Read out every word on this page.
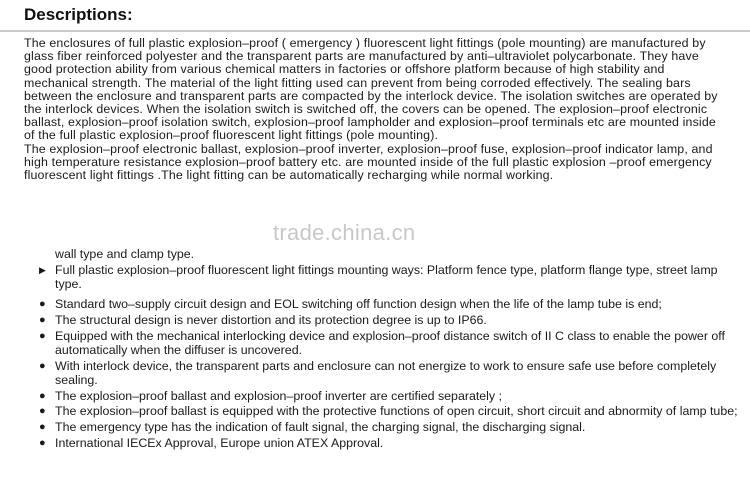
Descriptions:

The enclosures of full plastic explosion–proof ( emergency ) fluorescent light fittings (pole mounting) are manufactured by glass fiber reinforced polyester and the transparent parts are manufactured by anti–ultraviolet polycarbonate. They have good protection ability from various chemical matters in factories or offshore platform because of high stability and mechanical strength. The material of the light fitting used can prevent from being corroded effectively. The sealing bars between the enclosure and transparent parts are compacted by the interlock device. The isolation switches are operated by the interlock devices. When the isolation switch is switched off, the covers can be opened. The explosion–proof electronic ballast, explosion–proof isolation switch, explosion–proof lampholder and explosion–proof terminals etc are mounted inside of the full plastic explosion–proof fluorescent light fittings (pole mounting).

The explosion–proof electronic ballast, explosion–proof inverter, explosion–proof fuse, explosion–proof indicator lamp, and high temperature resistance explosion–proof battery etc. are mounted inside of the full plastic explosion –proof emergency fluorescent light fittings .The light fitting can be automatically recharging while normal working.

trade.china.cn
wall type and clamp type.
▶ Full plastic explosion–proof fluorescent light fittings mounting ways: Platform fence type, platform flange type, street lamp type.
● Standard two–supply circuit design and EOL switching off function design when the life of the lamp tube is end;
● The structural design is never distortion and its protection degree is up to IP66.
● Equipped with the mechanical interlocking device and explosion–proof distance switch of II C class to enable the power off automatically when the diffuser is uncovered.
● With interlock device, the transparent parts and enclosure can not energize to work to ensure safe use before completely sealing.
● The explosion–proof ballast and explosion–proof inverter are certified separately ;
● The explosion–proof ballast is equipped with the protective functions of open circuit, short circuit and abnormity of lamp tube;
● The emergency type has the indication of fault signal, the charging signal, the discharging signal.
● International IECEx Approval, Europe union ATEX Approval.
